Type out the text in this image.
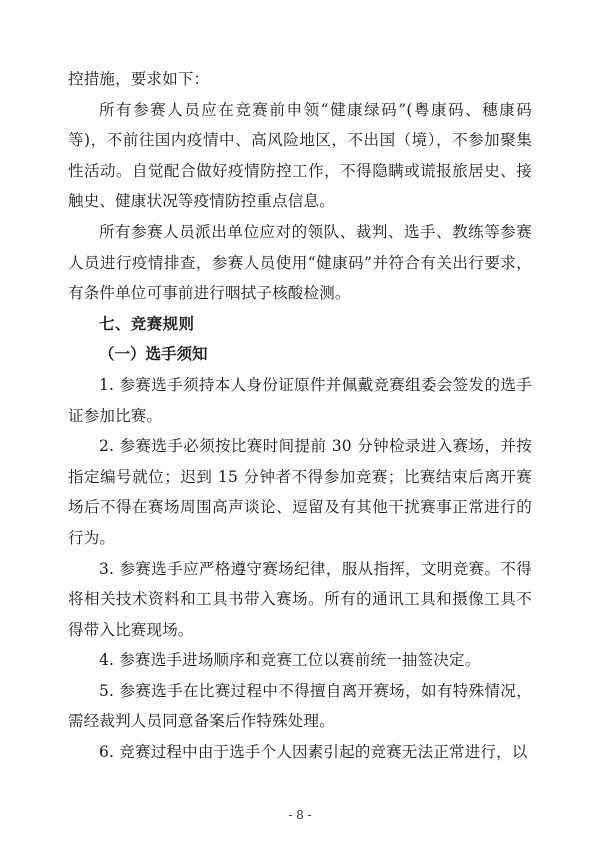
控措施，要求如下：

所有参赛人员应在竞赛前申领“健康绿码”(粤康码、穗康码等)，不前往国内疫情中、高风险地区，不出国（境），不参加聚集性活动。自觉配合做好疫情防控工作，不得隐瞒或谎报旅居史、接触史、健康状况等疫情防控重点信息。

所有参赛人员派出单位应对的领队、裁判、选手、教练等参赛人员进行疫情排查，参赛人员使用“健康码”并符合有关出行要求，有条件单位可事前进行咽拭子核酸检测。

七、竞赛规则

（一）选手须知

1. 参赛选手须持本人身份证原件并佩戴竞赛组委会签发的选手证参加比赛。

2. 参赛选手必须按比赛时间提前 30 分钟检录进入赛场，并按指定编号就位；迟到 15 分钟者不得参加竞赛；比赛结束后离开赛场后不得在赛场周围高声谈论、逗留及有其他干扰赛事正常进行的行为。

3. 参赛选手应严格遵守赛场纪律，服从指挥，文明竞赛。不得将相关技术资料和工具书带入赛场。所有的通讯工具和摄像工具不得带入比赛现场。

4. 参赛选手进场顺序和竞赛工位以赛前统一抽签决定。

5. 参赛选手在比赛过程中不得擅自离开赛场，如有特殊情况，需经裁判人员同意备案后作特殊处理。

6. 竞赛过程中由于选手个人因素引起的竞赛无法正常进行，以

- 8 -
